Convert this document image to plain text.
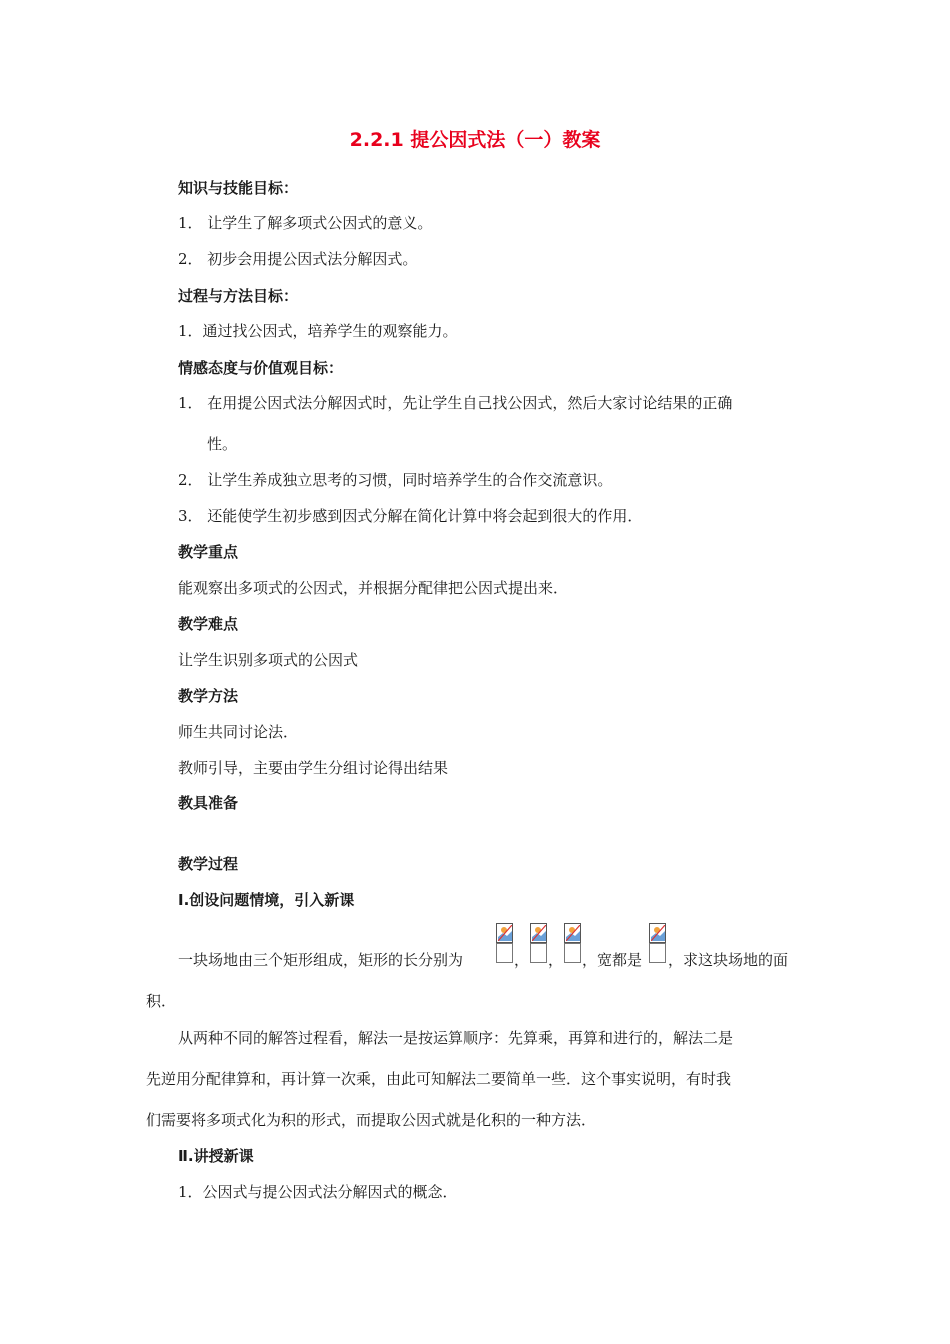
2.2.1 提公因式法（一）教案
知识与技能目标：
1． 让学生了解多项式公因式的意义。
2． 初步会用提公因式法分解因式。
过程与方法目标：
1．通过找公因式，培养学生的观察能力。
情感态度与价值观目标：
1． 在用提公因式法分解因式时，先让学生自己找公因式，然后大家讨论结果的正确
性。
2． 让学生养成独立思考的习惯，同时培养学生的合作交流意识。
3． 还能使学生初步感到因式分解在简化计算中将会起到很大的作用．
教学重点
能观察出多项式的公因式，并根据分配律把公因式提出来．
教学难点
让学生识别多项式的公因式
教学方法
师生共同讨论法．
教师引导，主要由学生分组讨论得出结果
教具准备
教学过程
Ⅰ.创设问题情境，引入新课
一块场地由三个矩形组成，矩形的长分别为	， ， ，宽都是 ，求这块场地的面
积．
从两种不同的解答过程看，解法一是按运算顺序：先算乘，再算和进行的，解法二是
先逆用分配律算和，再计算一次乘，由此可知解法二要简单一些．这个事实说明，有时我
们需要将多项式化为积的形式，而提取公因式就是化积的一种方法．
Ⅱ.讲授新课
1．公因式与提公因式法分解因式的概念．
